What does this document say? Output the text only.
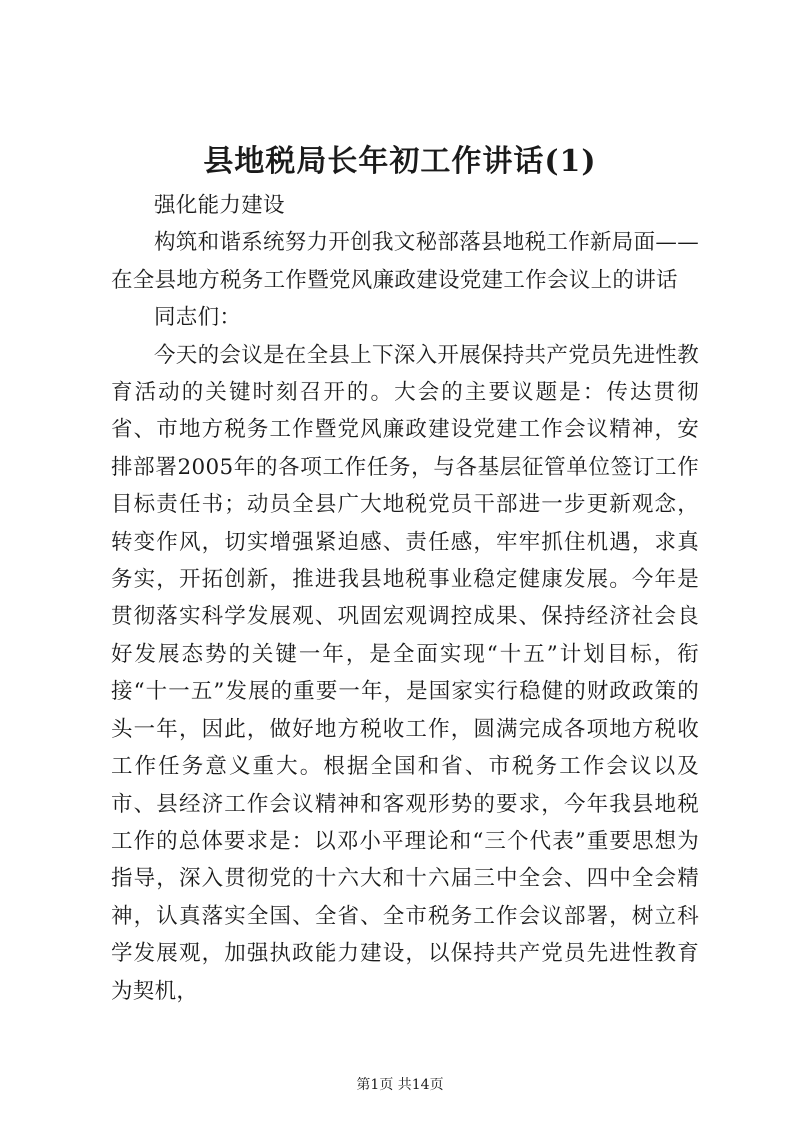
县地税局长年初工作讲话(1)

强化能力建设

构筑和谐系统努力开创我文秘部落县地税工作新局面——在全县地方税务工作暨党风廉政建设党建工作会议上的讲话

同志们：

今天的会议是在全县上下深入开展保持共产党员先进性教育活动的关键时刻召开的。大会的主要议题是：传达贯彻省、市地方税务工作暨党风廉政建设党建工作会议精神，安排部署2005年的各项工作任务，与各基层征管单位签订工作目标责任书；动员全县广大地税党员干部进一步更新观念，转变作风，切实增强紧迫感、责任感，牢牢抓住机遇，求真务实，开拓创新，推进我县地税事业稳定健康发展。今年是贯彻落实科学发展观、巩固宏观调控成果、保持经济社会良好发展态势的关键一年，是全面实现“十五”计划目标，衔接“十一五”发展的重要一年，是国家实行稳健的财政政策的头一年，因此，做好地方税收工作，圆满完成各项地方税收工作任务意义重大。根据全国和省、市税务工作会议以及市、县经济工作会议精神和客观形势的要求，今年我县地税工作的总体要求是：以邓小平理论和“三个代表”重要思想为指导，深入贯彻党的十六大和十六届三中全会、四中全会精神，认真落实全国、全省、全市税务工作会议部署，树立科学发展观，加强执政能力建设，以保持共产党员先进性教育为契机，

第1页 共14页
